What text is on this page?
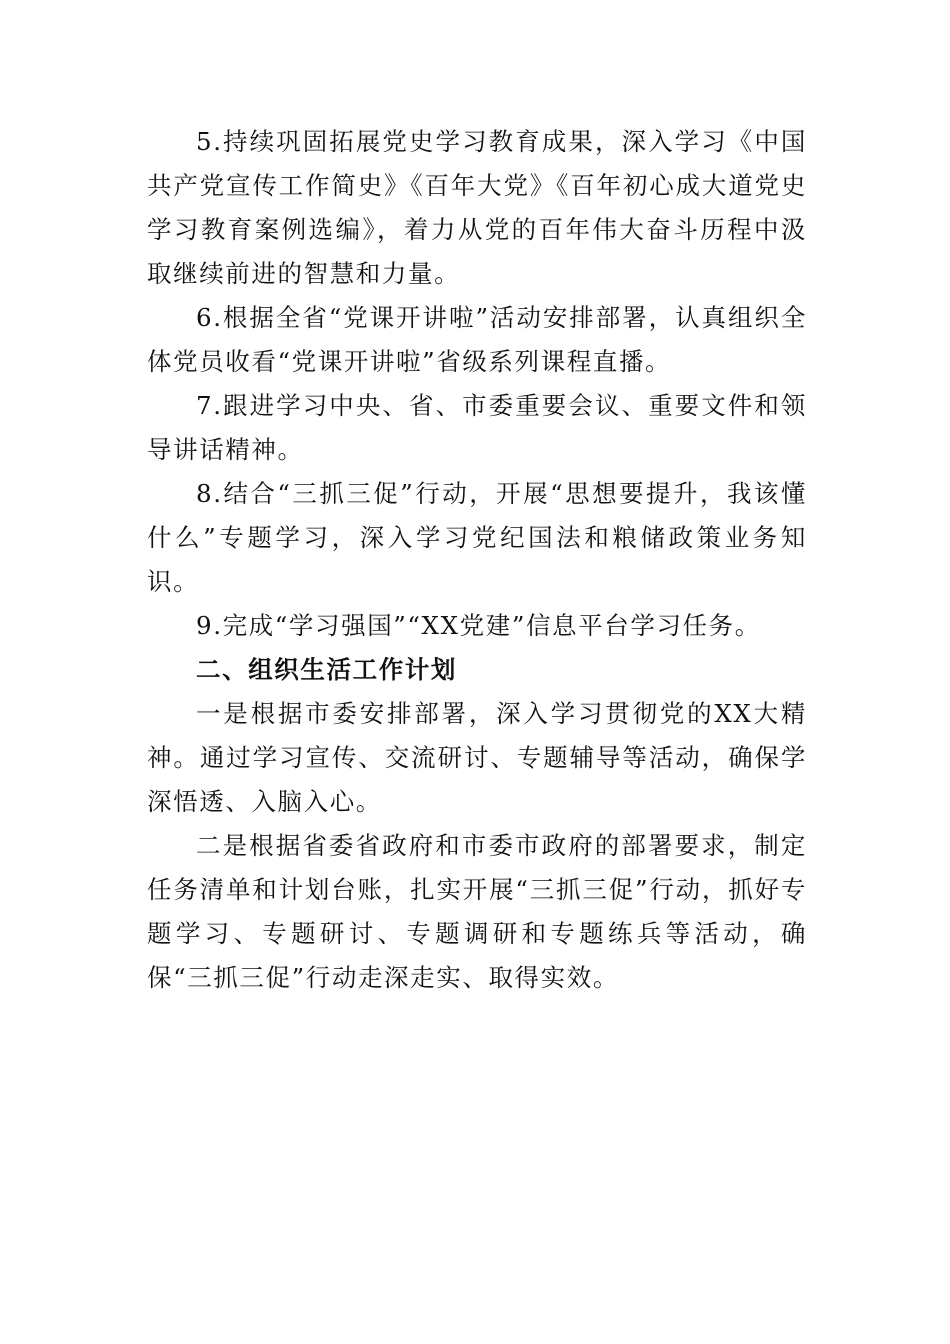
5.持续巩固拓展党史学习教育成果，深入学习《中国共产党宣传工作简史》《百年大党》《百年初心成大道党史学习教育案例选编》，着力从党的百年伟大奋斗历程中汲取继续前进的智慧和力量。

6.根据全省“党课开讲啦”活动安排部署，认真组织全体党员收看“党课开讲啦”省级系列课程直播。

7.跟进学习中央、省、市委重要会议、重要文件和领导讲话精神。

8.结合“三抓三促”行动，开展“思想要提升，我该懂什么”专题学习，深入学习党纪国法和粮储政策业务知识。

9.完成“学习强国”“XX党建”信息平台学习任务。

二、组织生活工作计划

一是根据市委安排部署，深入学习贯彻党的XX大精神。通过学习宣传、交流研讨、专题辅导等活动，确保学深悟透、入脑入心。

二是根据省委省政府和市委市政府的部署要求，制定任务清单和计划台账，扎实开展“三抓三促”行动，抓好专题学习、专题研讨、专题调研和专题练兵等活动，确保“三抓三促”行动走深走实、取得实效。
